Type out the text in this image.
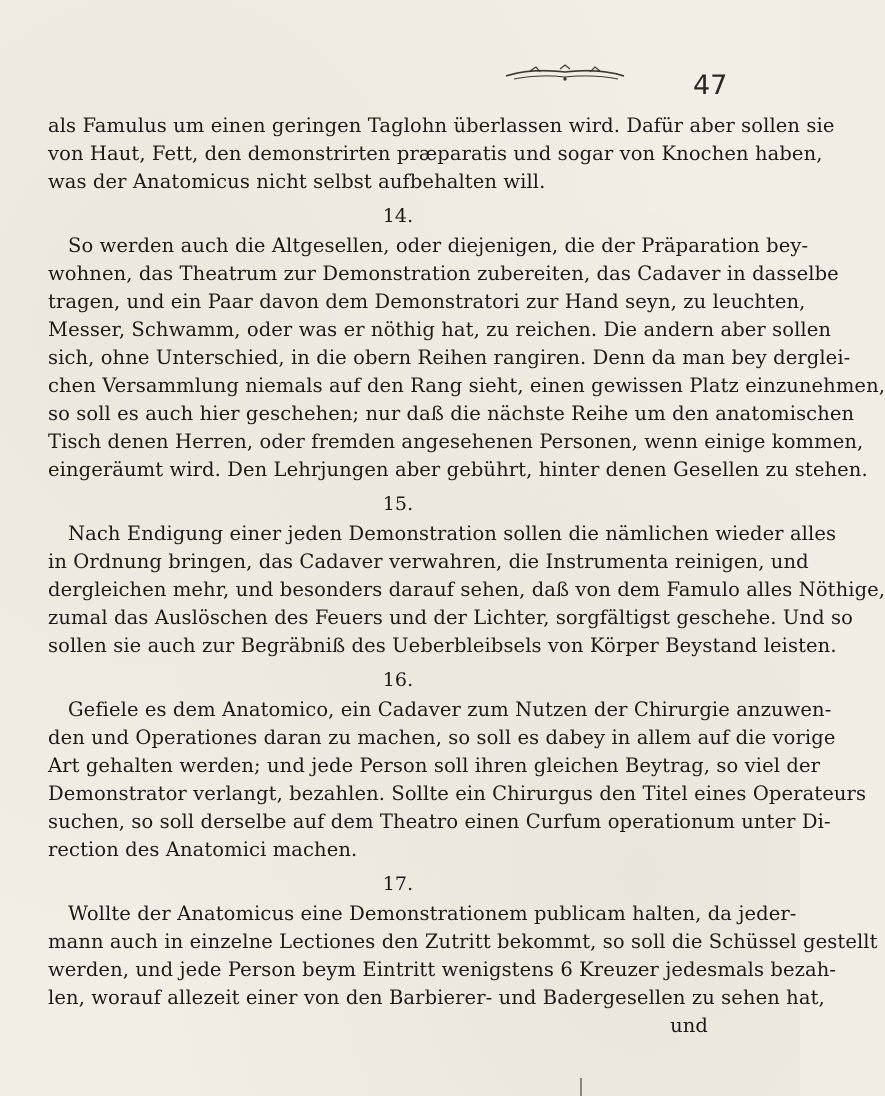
47
als Famulus um einen geringen Taglohn überlassen wird. Dafür aber sollen sie
von Haut, Fett, den demonstrirten præparatis und sogar von Knochen haben,
was der Anatomicus nicht selbst aufbehalten will.
14.
So werden auch die Altgesellen, oder diejenigen, die der Präparation bey-
wohnen, das Theatrum zur Demonstration zubereiten, das Cadaver in dasselbe
tragen, und ein Paar davon dem Demonstratori zur Hand seyn, zu leuchten,
Messer, Schwamm, oder was er nöthig hat, zu reichen. Die andern aber sollen
sich, ohne Unterschied, in die obern Reihen rangiren. Denn da man bey derglei-
chen Versammlung niemals auf den Rang sieht, einen gewissen Platz einzunehmen,
so soll es auch hier geschehen; nur daß die nächste Reihe um den anatomischen
Tisch denen Herren, oder fremden angesehenen Personen, wenn einige kommen,
eingeräumt wird. Den Lehrjungen aber gebührt, hinter denen Gesellen zu stehen.
15.
Nach Endigung einer jeden Demonstration sollen die nämlichen wieder alles
in Ordnung bringen, das Cadaver verwahren, die Instrumenta reinigen, und
dergleichen mehr, und besonders darauf sehen, daß von dem Famulo alles Nöthige,
zumal das Auslöschen des Feuers und der Lichter, sorgfältigst geschehe. Und so
sollen sie auch zur Begräbniß des Ueberbleibsels von Körper Beystand leisten.
16.
Gefiele es dem Anatomico, ein Cadaver zum Nutzen der Chirurgie anzuwen-
den und Operationes daran zu machen, so soll es dabey in allem auf die vorige
Art gehalten werden; und jede Person soll ihren gleichen Beytrag, so viel der
Demonstrator verlangt, bezahlen. Sollte ein Chirurgus den Titel eines Operateurs
suchen, so soll derselbe auf dem Theatro einen Curfum operationum unter Di-
rection des Anatomici machen.
17.
Wollte der Anatomicus eine Demonstrationem publicam halten, da jeder-
mann auch in einzelne Lectiones den Zutritt bekommt, so soll die Schüssel gestellt
werden, und jede Person beym Eintritt wenigstens 6 Kreuzer jedesmals bezah-
len, worauf allezeit einer von den Barbierer- und Badergesellen zu sehen hat,
und
